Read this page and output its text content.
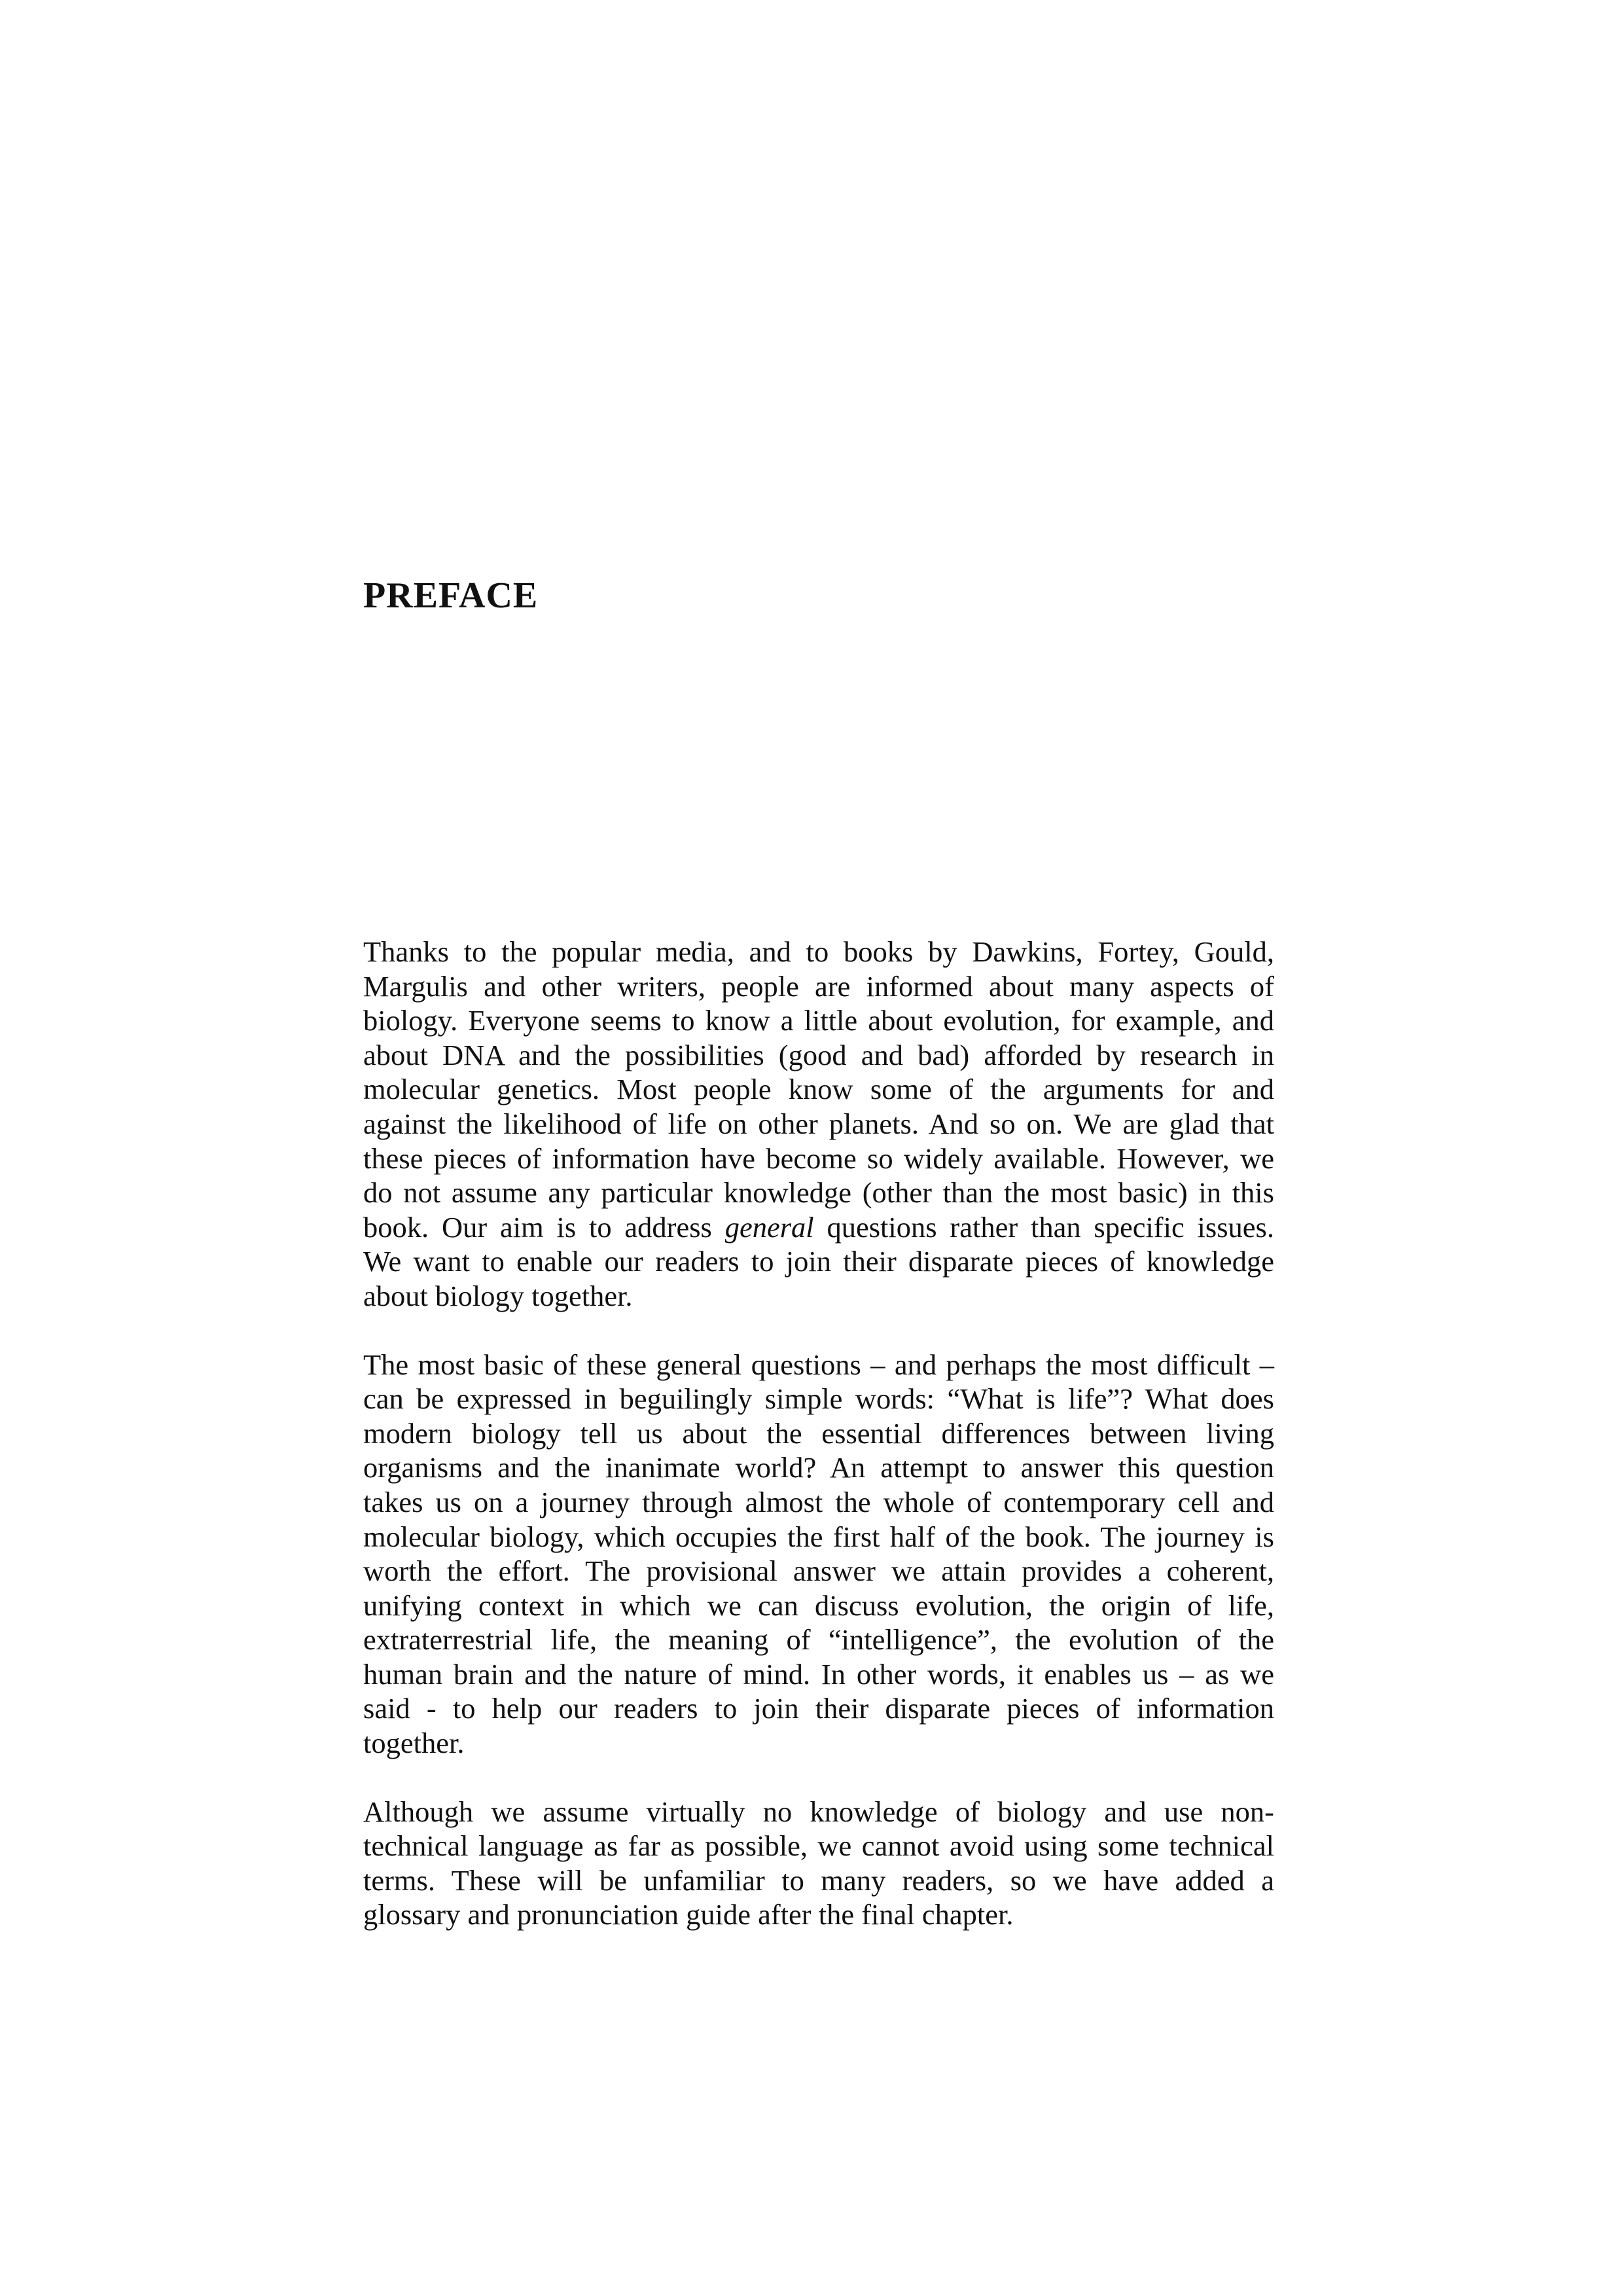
PREFACE

Thanks to the popular media, and to books by Dawkins, Fortey, Gould,
Margulis and other writers, people are informed about many aspects of
biology. Everyone seems to know a little about evolution, for example, and
about DNA and the possibilities (good and bad) afforded by research in
molecular genetics. Most people know some of the arguments for and
against the likelihood of life on other planets. And so on. We are glad that
these pieces of information have become so widely available. However, we
do not assume any particular knowledge (other than the most basic) in this
book. Our aim is to address general questions rather than specific issues.
We want to enable our readers to join their disparate pieces of knowledge
about biology together.

The most basic of these general questions – and perhaps the most difficult –
can be expressed in beguilingly simple words: “What is life”? What does
modern biology tell us about the essential differences between living
organisms and the inanimate world? An attempt to answer this question
takes us on a journey through almost the whole of contemporary cell and
molecular biology, which occupies the first half of the book. The journey is
worth the effort. The provisional answer we attain provides a coherent,
unifying context in which we can discuss evolution, the origin of life,
extraterrestrial life, the meaning of “intelligence”, the evolution of the
human brain and the nature of mind. In other words, it enables us – as we
said - to help our readers to join their disparate pieces of information
together.

Although we assume virtually no knowledge of biology and use non-
technical language as far as possible, we cannot avoid using some technical
terms. These will be unfamiliar to many readers, so we have added a
glossary and pronunciation guide after the final chapter.
